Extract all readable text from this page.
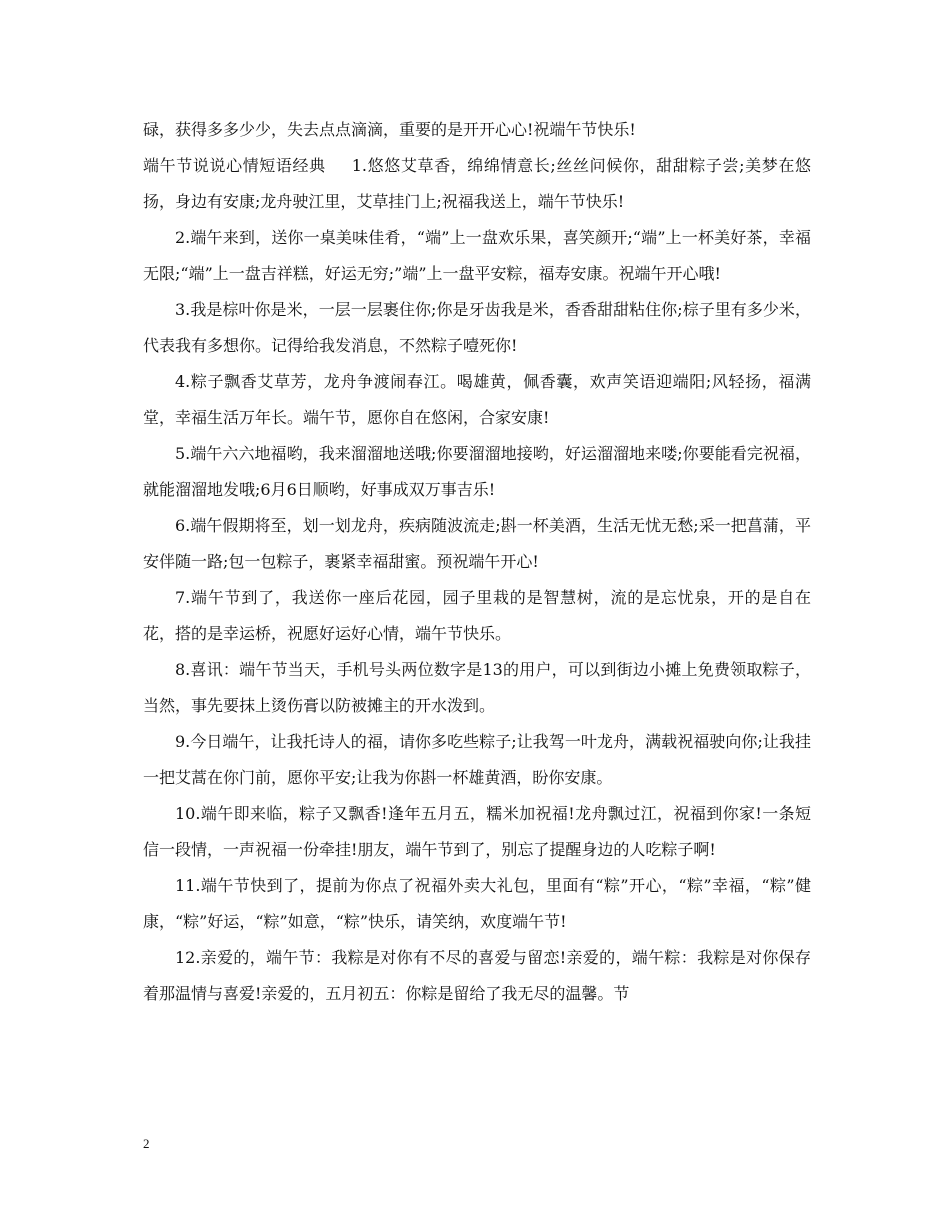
碌，获得多多少少，失去点点滴滴，重要的是开开心心!祝端午节快乐!

端午节说说心情短语经典 1.悠悠艾草香，绵绵情意长;丝丝问候你，甜甜粽子尝;美梦在悠扬，身边有安康;龙舟驶江里，艾草挂门上;祝福我送上，端午节快乐!

2.端午来到，送你一桌美味佳肴，“端”上一盘欢乐果，喜笑颜开;“端”上一杯美好茶，幸福无限;“端”上一盘吉祥糕，好运无穷;”端”上一盘平安粽，福寿安康。祝端午开心哦!

3.我是棕叶你是米，一层一层裹住你;你是牙齿我是米，香香甜甜粘住你;棕子里有多少米，代表我有多想你。记得给我发消息，不然粽子噎死你!

4.粽子飘香艾草芳，龙舟争渡闹春江。喝雄黄，佩香囊，欢声笑语迎端阳;风轻扬，福满堂，幸福生活万年长。端午节，愿你自在悠闲，合家安康!

5.端午六六地福哟，我来溜溜地送哦;你要溜溜地接哟，好运溜溜地来喽;你要能看完祝福，就能溜溜地发哦;6月6日顺哟，好事成双万事吉乐!

6.端午假期将至，划一划龙舟，疾病随波流走;斟一杯美酒，生活无忧无愁;采一把菖蒲，平安伴随一路;包一包粽子，裹紧幸福甜蜜。预祝端午开心!

7.端午节到了，我送你一座后花园，园子里栽的是智慧树，流的是忘忧泉，开的是自在花，搭的是幸运桥，祝愿好运好心情，端午节快乐。

8.喜讯：端午节当天，手机号头两位数字是13的用户，可以到街边小摊上免费领取粽子，当然，事先要抹上烫伤膏以防被摊主的开水泼到。

9.今日端午，让我托诗人的福，请你多吃些粽子;让我驾一叶龙舟，满载祝福驶向你;让我挂一把艾蒿在你门前，愿你平安;让我为你斟一杯雄黄酒，盼你安康。

10.端午即来临，粽子又飘香!逢年五月五，糯米加祝福!龙舟飘过江，祝福到你家!一条短信一段情，一声祝福一份牵挂!朋友，端午节到了，别忘了提醒身边的人吃粽子啊!

11.端午节快到了，提前为你点了祝福外卖大礼包，里面有“粽”开心，“粽”幸福，“粽”健康，“粽”好运，“粽”如意，“粽”快乐，请笑纳，欢度端午节!

12.亲爱的，端午节：我粽是对你有不尽的喜爱与留恋!亲爱的，端午粽：我粽是对你保存着那温情与喜爱!亲爱的，五月初五：你粽是留给了我无尽的温馨。节

2
